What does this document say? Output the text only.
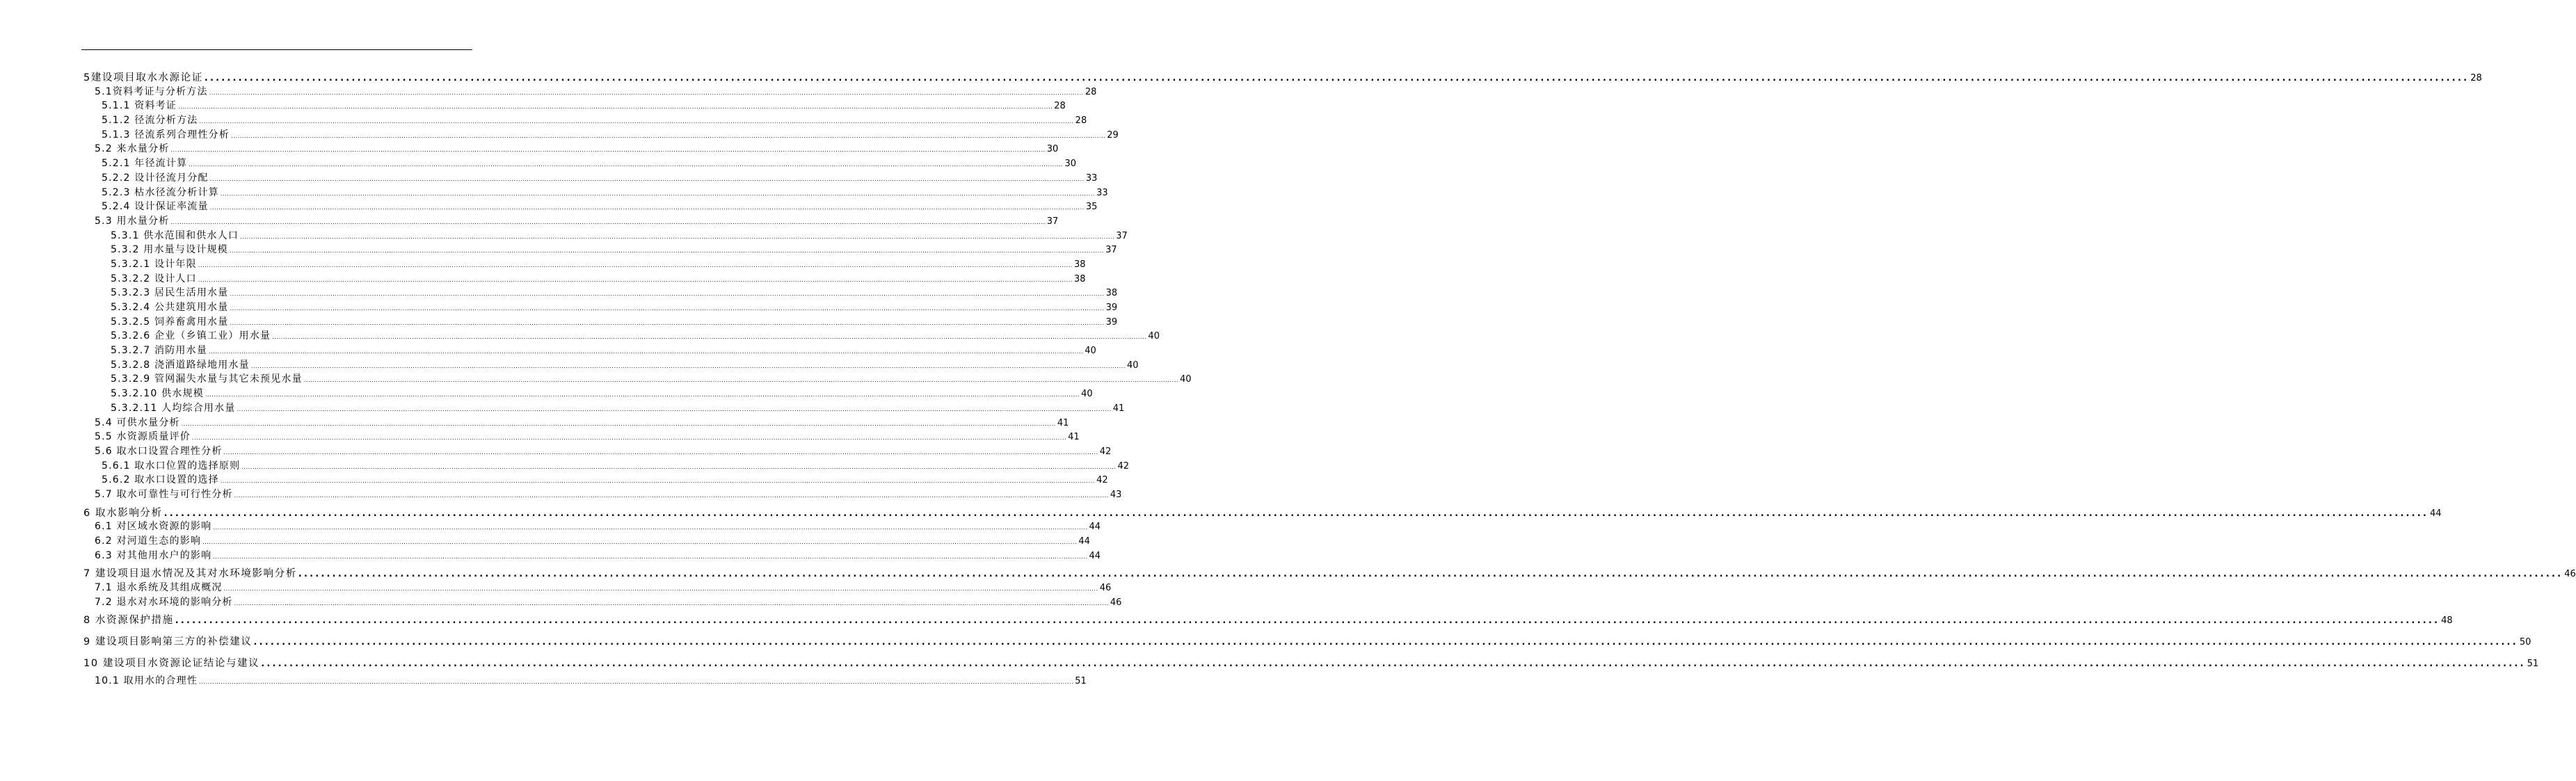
5建设项目取水水源论证 ................................................................................................................................................................................................................................................................................................................................................................................................................ 28
5.1资料考证与分析方法 ................................................................................................................................................................................................................................................................................................................................................................................................................ 28
5.1.1 资料考证 ................................................................................................................................................................................................................................................................................................................................................................................................................ 28
5.1.2 径流分析方法 ................................................................................................................................................................................................................................................................................................................................................................................................................ 28
5.1.3 径流系列合理性分析 ................................................................................................................................................................................................................................................................................................................................................................................................................ 29
5.2 来水量分析 ................................................................................................................................................................................................................................................................................................................................................................................................................ 30
5.2.1 年径流计算 ................................................................................................................................................................................................................................................................................................................................................................................................................ 30
5.2.2 设计径流月分配 ................................................................................................................................................................................................................................................................................................................................................................................................................ 33
5.2.3 枯水径流分析计算 ................................................................................................................................................................................................................................................................................................................................................................................................................ 33
5.2.4 设计保证率流量 ................................................................................................................................................................................................................................................................................................................................................................................................................ 35
5.3 用水量分析 ................................................................................................................................................................................................................................................................................................................................................................................................................ 37
5.3.1 供水范围和供水人口 ................................................................................................................................................................................................................................................................................................................................................................................................................ 37
5.3.2 用水量与设计规模 ................................................................................................................................................................................................................................................................................................................................................................................................................ 37
5.3.2.1 设计年限 ................................................................................................................................................................................................................................................................................................................................................................................................................ 38
5.3.2.2 设计人口 ................................................................................................................................................................................................................................................................................................................................................................................................................ 38
5.3.2.3 居民生活用水量 ................................................................................................................................................................................................................................................................................................................................................................................................................ 38
5.3.2.4 公共建筑用水量 ................................................................................................................................................................................................................................................................................................................................................................................................................ 39
5.3.2.5 饲养畜禽用水量 ................................................................................................................................................................................................................................................................................................................................................................................................................ 39
5.3.2.6 企业（乡镇工业）用水量 ................................................................................................................................................................................................................................................................................................................................................................................................................ 40
5.3.2.7 消防用水量 ................................................................................................................................................................................................................................................................................................................................................................................................................ 40
5.3.2.8 浇洒道路绿地用水量 ................................................................................................................................................................................................................................................................................................................................................................................................................ 40
5.3.2.9 管网漏失水量与其它未预见水量 ................................................................................................................................................................................................................................................................................................................................................................................................................ 40
5.3.2.10 供水规模 ................................................................................................................................................................................................................................................................................................................................................................................................................ 40
5.3.2.11 人均综合用水量 ................................................................................................................................................................................................................................................................................................................................................................................................................ 41
5.4 可供水量分析 ................................................................................................................................................................................................................................................................................................................................................................................................................ 41
5.5 水资源质量评价 ................................................................................................................................................................................................................................................................................................................................................................................................................ 41
5.6 取水口设置合理性分析 ................................................................................................................................................................................................................................................................................................................................................................................................................ 42
5.6.1 取水口位置的选择原则 ................................................................................................................................................................................................................................................................................................................................................................................................................ 42
5.6.2 取水口设置的选择 ................................................................................................................................................................................................................................................................................................................................................................................................................ 42
5.7 取水可靠性与可行性分析 ................................................................................................................................................................................................................................................................................................................................................................................................................ 43
6 取水影响分析 ................................................................................................................................................................................................................................................................................................................................................................................................................ 44
6.1 对区域水资源的影响 ................................................................................................................................................................................................................................................................................................................................................................................................................ 44
6.2 对河道生态的影响 ................................................................................................................................................................................................................................................................................................................................................................................................................ 44
6.3 对其他用水户的影响 ................................................................................................................................................................................................................................................................................................................................................................................................................ 44
7 建设项目退水情况及其对水环境影响分析 ................................................................................................................................................................................................................................................................................................................................................................................................................ 46
7.1 退水系统及其组成概况 ................................................................................................................................................................................................................................................................................................................................................................................................................ 46
7.2 退水对水环境的影响分析 ................................................................................................................................................................................................................................................................................................................................................................................................................ 46
8 水资源保护措施 ................................................................................................................................................................................................................................................................................................................................................................................................................ 48
9 建设项目影响第三方的补偿建议 ................................................................................................................................................................................................................................................................................................................................................................................................................ 50
10 建设项目水资源论证结论与建议 ................................................................................................................................................................................................................................................................................................................................................................................................................ 51
10.1 取用水的合理性 ................................................................................................................................................................................................................................................................................................................................................................................................................ 51
